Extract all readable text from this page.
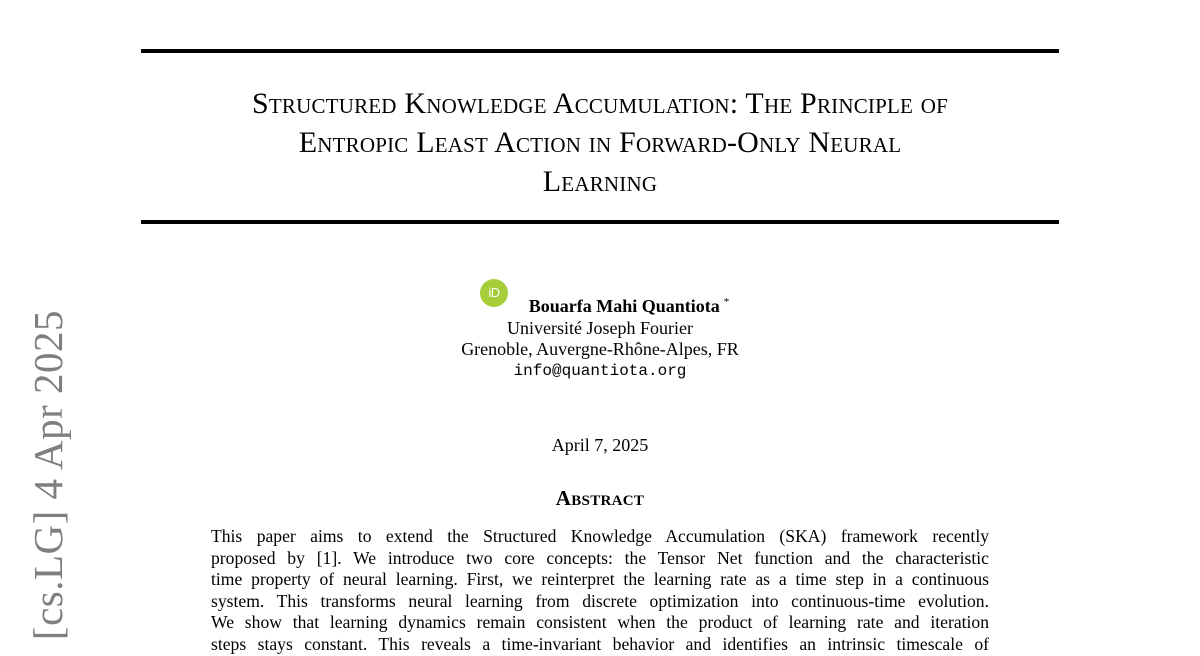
Structured Knowledge Accumulation: The Principle of
Entropic Least Action in Forward-Only Neural
Learning
iD
Bouarfa Mahi Quantiota *
Université Joseph Fourier
Grenoble, Auvergne-Rhône-Alpes, FR
info@quantiota.org
April 7, 2025
Abstract
This paper aims to extend the Structured Knowledge Accumulation (SKA) framework recently
proposed by [1]. We introduce two core concepts: the Tensor Net function and the characteristic
time property of neural learning. First, we reinterpret the learning rate as a time step in a continuous
system. This transforms neural learning from discrete optimization into continuous-time evolution.
We show that learning dynamics remain consistent when the product of learning rate and iteration
steps stays constant. This reveals a time-invariant behavior and identifies an intrinsic timescale of
[cs.LG] 4 Apr 2025
